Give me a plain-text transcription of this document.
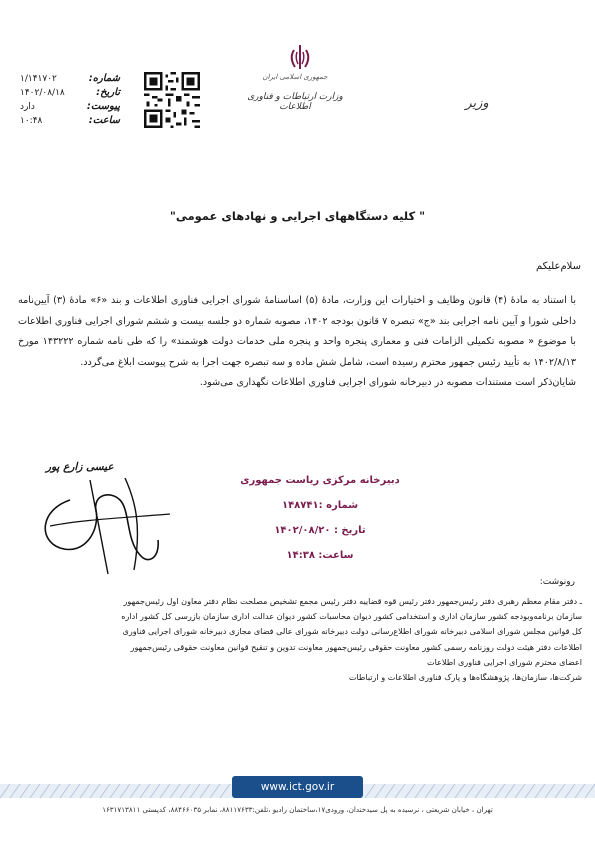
شماره:
۱/۱۴۱۷۰۲
تاریخ:
۱۴۰۲/۰۸/۱۸
پیوست:
دارد
ساعت:
۱۰:۴۸
جمهوری اسلامی ایران
وزارت ارتباطات و فناوری اطلاعات	وزیر
" کلیه دستگاههای اجرایی و نهادهای عمومی"
سلام‌علیکم

با استناد به مادۀ (۴) قانون وظایف و اختیارات این وزارت، مادۀ (۵) اساسنامۀ شورای اجرایی فناوری اطلاعات و بند «۶» مادۀ (۳) آیین‌نامه داخلی شورا و آیین نامه اجرایی بند «ج» تبصره ۷ قانون بودجه ۱۴۰۲، مصوبه شماره دو جلسه بیست و ششم شورای اجرایی فناوری اطلاعات با موضوع « مصوبه تکمیلی الزامات فنی و معماری پنجره واحد و پنجره ملی خدمات دولت هوشمند» را که طی نامه شماره ۱۴۳۲۲۲ مورخ ۱۴۰۲/۸/۱۳ به تأیید رئیس جمهور محترم رسیده است، شامل شش ماده و سه تبصره جهت اجرا به شرح پیوست ابلاغ می‌گردد.

شایان‌ذکر است مستندات مصوبه در دبیرخانه شورای اجرایی فناوری اطلاعات نگهداری می‌شود.

عیسی زارع پور
دبیرخانه مرکزی ریاست جمهوری
شماره :۱۴۸۷۴۱
تاریخ : ۱۴۰۲/۰۸/۲۰
ساعت: ۱۴:۳۸
رونوشت:
ـ دفتر مقام معظم رهبری دفتر رئیس‌جمهور دفتر رئیس قوه قضاییه دفتر رئیس مجمع تشخیص مصلحت نظام دفتر معاون اول رئیس‌جمهور
سازمان برنامه‌وبودجه کشور سازمان اداری و استخدامی کشور دیوان محاسبات کشور دیوان عدالت اداری سازمان بازرسی کل کشور اداره
کل قوانین مجلس شورای اسلامی دبیرخانه شورای اطلاع‌رسانی دولت دبیرخانه شورای عالی فضای مجازی دبیرخانه شورای اجرایی فناوری
اطلاعات دفتر هیئت دولت روزنامه رسمی کشور معاونت حقوقی رئیس‌جمهور معاونت تدوین و تنقیح قوانین معاونت حقوقی رئیس‌جمهور
اعضای محترم شورای اجرایی فناوری اطلاعات
شرکت‌ها، سازمان‌ها، پژوهشگاه‌ها و پارک فناوری اطلاعات و ارتباطات
www.ict.gov.ir
تهران ، خیابان شریعتی ، نرسیده به پل سیدخندان، ورودی۱۷،ساختمان رادیو ،تلفن:۸۸۱۱۷۶۳۳، نمابر ۸۸۴۶۶۰۳۵، کدپستی ۱۶۳۱۷۱۳۸۱۱
